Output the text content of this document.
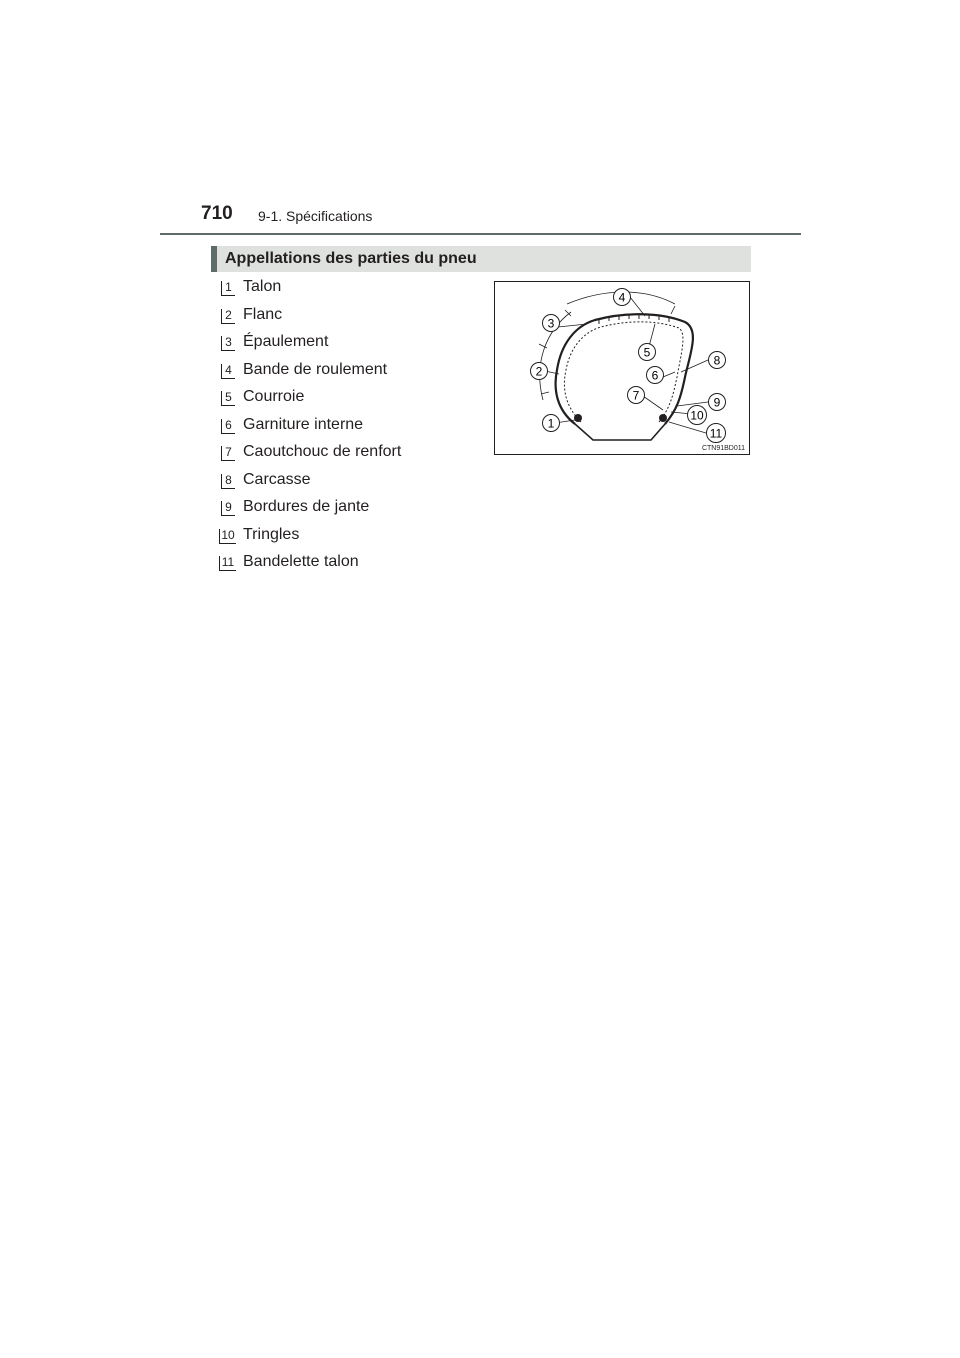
710 9-1. Spécifications
Appellations des parties du pneu
1 Talon
2 Flanc
3 Épaulement
4 Bande de roulement
5 Courroie
6 Garniture interne
7 Caoutchouc de renfort
8 Carcasse
9 Bordures de jante
10 Tringles
11 Bandelette talon
4
3
5
8
2	6
7	9
10
1
11
CTN91BD011
